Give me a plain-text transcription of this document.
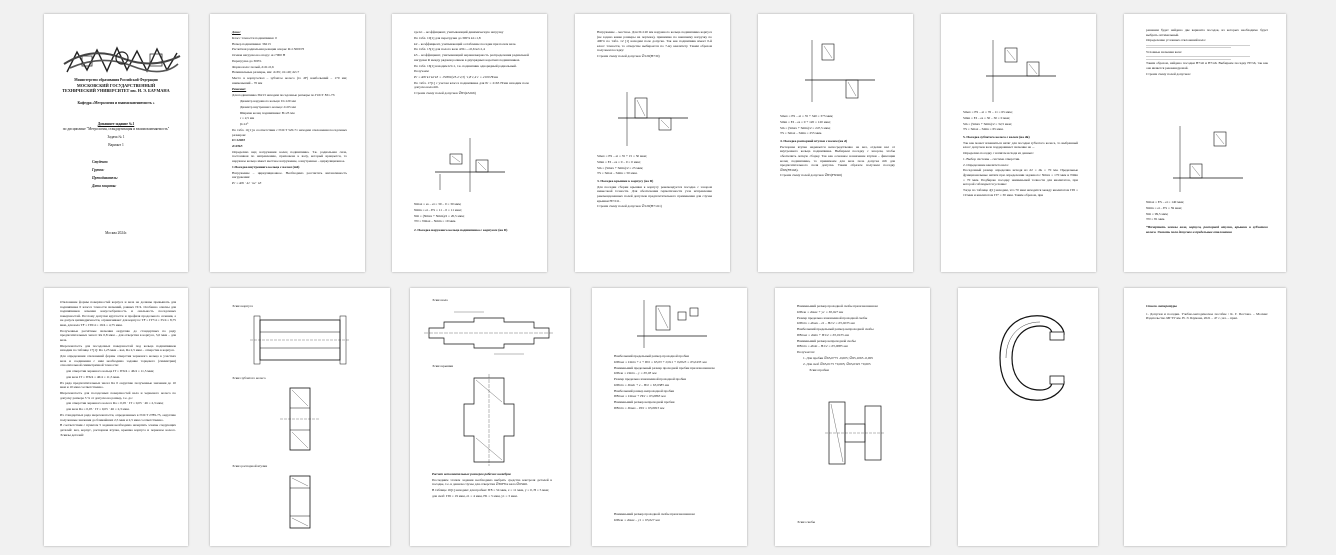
Министерство образования Российской Федерации
МОСКОВСКИЙ ГОСУДАРСТВЕННЫЙ ТЕХНИЧЕСКИЙ УНИВЕРСИТЕТ им. Н. Э. БАУМАНА
Кафедра «Метрология и взаимозаменяемость »
Домашнее задание №1
по дисциплине "Метрология, стандартизация и взаимозаменяемость"
Задача № 1
Вариант 1
Студент:
Группа:
Преподаватель:
Дата защиты:
Москва 2024г.

Дано:

Класс точности подшипника: 0

Номер подшипника: 36213

Расчетная радиальная реакция опоры: R=15000 Н

Осевая нагрузка на опору: A=7000 Н

Перегрузка до 300%

Форма вала: полый, d/d1=0,6

Номинальные размеры, мм: d=65; d1=40; d2=7

Место в корпусе/вал – зубчатое колесо (то dF) наибольший – 170 мм; наименьший – 70 мм

Решение:

Для подшипника 36213 находим посадочные размеры по ГОСТ 831-75:

Диаметр наружного кольца: D=120 мм

Диаметр внутреннего кольца: d=65 мм

Ширина колец подшипника: B=23 мм

r = 2,5 мм

β=12°

По табл. 11[1] в соответствии с ГОСТ 520-71 находим отклонения посадочных размеров:

D=120h5

d=65k5

Определяю вид нагружения колец подшипника. Т.к. радиальная сила, постоянная по направлению, приложена к валу, который вращается, то наружное кольцо имеет местное нагружение, а внутреннее – циркуляционное.

1.Посадка внутреннего кольца с валом (m6)

Нагружение – циркуляционное. Необходимо рассчитать интенсивность нагружения:

Pr = R/b · k1 · k2 · k3

где k1 – коэффициент, учитывающий динамическую нагрузку

По табл. 10[1] для перегрузки до 300% k1=1,8

k2 – коэффициент, учитывающий ослабление посадки при полом вале.

По табл. 15[1] для полого вала d/D=...=0,6 k2=1,4

k3 – коэффициент, учитывающий неравномерность распределения радиальной нагрузки R между рядами роликов в двухрядных коротких подшипниках.

По табл. 16[1] находим k3=1, т.к. подшипник однорядный радиальный.

Получаем:

Pr = R/b·k1·k2·k3 = 15000/(23-2·2,5) ·1,8·1,4·1 = 2100 Н/мм

По табл. 17[1] с учетом класса подшипника для Pr = 2163 Н/мм находим поле допуска вала m6.

Строим схему полей допусков ∅65(k5/m6)

Nmax = es – ei = 30 – 0 = 30 мкм;

Nmin = ei – ES = 11 – 0 = 11 мкм;

Nm = (Nmax + Nmin)/2 = 20,5 мкм;

TN = Nmax – Nmin = 19 мкм.

2. Посадка наружного кольца подшипника с корпусом (на D)

Нагружение – местное. Для D=120 мм наружного кольца подшипника корпуса (не задано какие размеры на чертеже), принимаю по внешнему нагрузку по 400% по табл. 12 [1] находим поле допуска. Так как подшипник имеет 0-й класс точности, то отверстие выбирается по 7-му квалитету. Таким образом получаем посадку:

Строим схему полей допусков ∅120(H7/l0)

Smax = ES – ei = 35 + 15 = 50 мкм;

Smin = EI – es = 0 – 0 = 0 мкм;

Sm = (Smax + Smin)/2 = 25 мкм;

TS = Smax – Smin = 50 мкм.

3. Посадка крышки к корпусу (на D)

Для посадки сборки крышки к корпусу рекомендуется посадка с зазором невысокой точности. Для обеспечения герметичности узла исправление рекомендованных полей допусков предпочтительного применения для случая крышки H7/d11.

Строим схему полей допусков ∅120(H7/d11)

Smax = ES – ei = 35 + 340 = 375 мкм;

Smin = EI – es = 0 + 120 = 120 мкм;

Sm = (Smax + Smin)/2 = 247,5 мкм;

TS = Smax – Smin = 255 мкм.

4. Посадка распорной втулки с валом (на d)

Распорная втулка надевается непосредственно на вал, отделяя вал от внутреннего кольца подшипника. Выбираем посадку с зазором, чтобы обеспечить легкую сборку. Так как основное назначение втулки – фиксация колец подшипника, то принимаем для вала поле допуска m6 для предпочтительного поля допуска. Таким образом получаем посадку ∅65(F8/m6).

Строим схему полей допусков ∅65(F8/m6)

Smax = ES – ei = 76 – 11 = 65 мкм;

Smin = EI – es = 30 – 30 = 0 мкм;

Sm = (Smax + Smin)/2 = 32,5 мкм;

TS = Smax – Smin = 65 мкм.

5. Посадка зубчатого колеса с валом (на dk)

Так как может измениться натяг для посадки зубчатого колеса, то выбранный класс допусков вала поддерживает значение на ...

Определяю посадку с натягом исходя из данных:

1. Выбор системы – система отверстия.

2. Определение квалитета вала:

Посадочный размер определяю исходя из d2 = dk = 70 мм. Предельные функциональные натяги при определении заданного: Nmax = 170 мкм и Nmin = 70 мкм. Подбираю посадку наименьшей точности для квалитетов, при которой соблюдается условие:

Тогда по таблице 4[1] находим, что 70 мкм находится между квалитетом IT6 = 19 мкм и квалитетом IT7 = 30 мкм. Таким образом, при

решении будет найдено две варианта посадок, из которых необходимо будет выбрать оптимальный.

Определение условных отклонений вала:

Условные значения вала:

Таким образом, найдено посадки H7/s6 и H7/u6. Выбираем посадку H7/s6, так как она является рекомендуемой.

Строим схему полей допусков:

Nmax = ES – ei = 140 мкм;

Nmin = ei – ES = 59 мкм;

Nm = 99,5 мкм;

TN = 81 мкм.

*Начертить эскизы вала, корпуса, распорной втулки, крышки и зубчатого колеса. Указать поля допусков и предельные отклонения

Отклонение формы поверхностей корпуса и вала не должны превышать для подшипника 0 класса точности значений, равных IT/4. Особенно опасны для подшипников качения конусообразность и овальность посадочных поверхностей. Поэтому допуски круглости и профиля продольного сечения, а не допуск цилиндричности, ограничивают для корпуса: TF = IT7/4 = 35/4 = 8,75 мкм, для вала TF = IT6/4 = 19/4 = 4,75 мкм.

Полученные расчётные значения округляю до стандартных по ряду предпочтительных чисел: Ra 0,8 мкм – для отверстия в корпусе, 5,0 мкм – для вала.

Шероховатость для посадочных поверхностей под кольца подшипников находим по таблице 17[1]: Ra 1,25 мкм – вал, Ra 2,5 мкм – отверстие в корпусе.

Для определения отклонений формы отверстия черненого кольца в участках вала и соединения с ним необходимо задание торцевого (симметрия) относительной симметричной точности:

для отверстия черненого кольца IT = IT6/4 = 46/4 = 11,5 мкм;

для вала IT = IT6/4 = 46/4 = 11,5 мкм.

Из ряда предпочтительных чисел Ra 0 округляю полученные значения до 10 мкм и 10 мкм соответственно.

Шероховатость для посадочных поверхностей вала и черненого колеса по допуску размера 3 % от допуска на размер, т.е. до:

для отверстия черненого колеса Ra = 0,05 · IT = 0,05 · 46 = 2,3 мкм;

для вала Ra = 0,05 · IT = 0,05 · 46 = 2,3 мкм.

Из стандартных ряда шероховатости, определенных в ГОСТ 2789-73, округляю полученные значения до ближайших 2,5 мкм и 2,5 мкм соответственно.

В соответствии с пунктом 5 задания необходимо начертить эскизы следующих деталей: вал, корпус, распорная втулка, крышка корпуса и черненое колесо. Эскизы деталей:

Эскиз корпуса

Эскиз зубчатого колеса

Эскиз распорной втулки

Эскиз вала

Эскиз крышки

Расчет исполнительных размеров рабочих калибров

Последним этапом задания необходимо выбрать средства контроля деталей в посадке, т.е. в данном случае для отверстия ∅65F8 и вала ∅65m6.

В таблице 16[1] находим: для пробки: IT8 = 54 мкм, z = 11 мкм, y = 0, H = 5 мкм;

для скоб: IT6 = 19 мкм, z1 = 4 мкм, H1 = 5 мкм, y1 = 3 мкм.

Наибольший предельный размер проходной пробки

ПРmax = Dmin + z + H/2 = 65,03 + 0,011 + 0,0025 = 65,0435 мм

Наименьший предельный размер проходной пробки при изношенном

ПРизн = Dmin – y = 65,03 мм

Размер предельно изношенной проходной пробки

ПРmin = Dmin + z – H/2 = 65,0385 мм

Наибольший размер непроходной пробки

НЕmax = Dmax + H/2 = 65,0865 мм

Наименьший размер непроходной пробки

НЕmin = Dmax – H/2 = 65,0815 мм

Наименьший размер проходной скобы при изношенном

ПРизн = dmax – y1 = 65,027 мм

Наименьший размер проходной скобы при изношенном

ПРизн = dmax + y1 = 65,027 мм

Размер предельно изношенной проходной скобы

ПРmin = dmax – z1 – H1/2 = 65,0235 мм

Наибольший предельный размер непроходной скобы

НЕmax = dmin + H1/2 = 65,0135 мм

Наименьший размер непроходной скобы

НЕmin = dmin – H1/2 = 65,0085 мм

Получается:

1. Для пробки ∅65,0775 -0,005; ∅65,1065 -0,005

2. Для скоб ∅65,0175 +0,005; ∅65,0325 +0,005

Эскиз пробки

Эскиз скобы

Список литературы

1. Допуски и посадки. Учебно-методическое пособие / К. Г. Пестова. – Москва: Издательство МГТУ им. Н. Э. Баумана, 2021 – 47 с.; ил. – прил.
